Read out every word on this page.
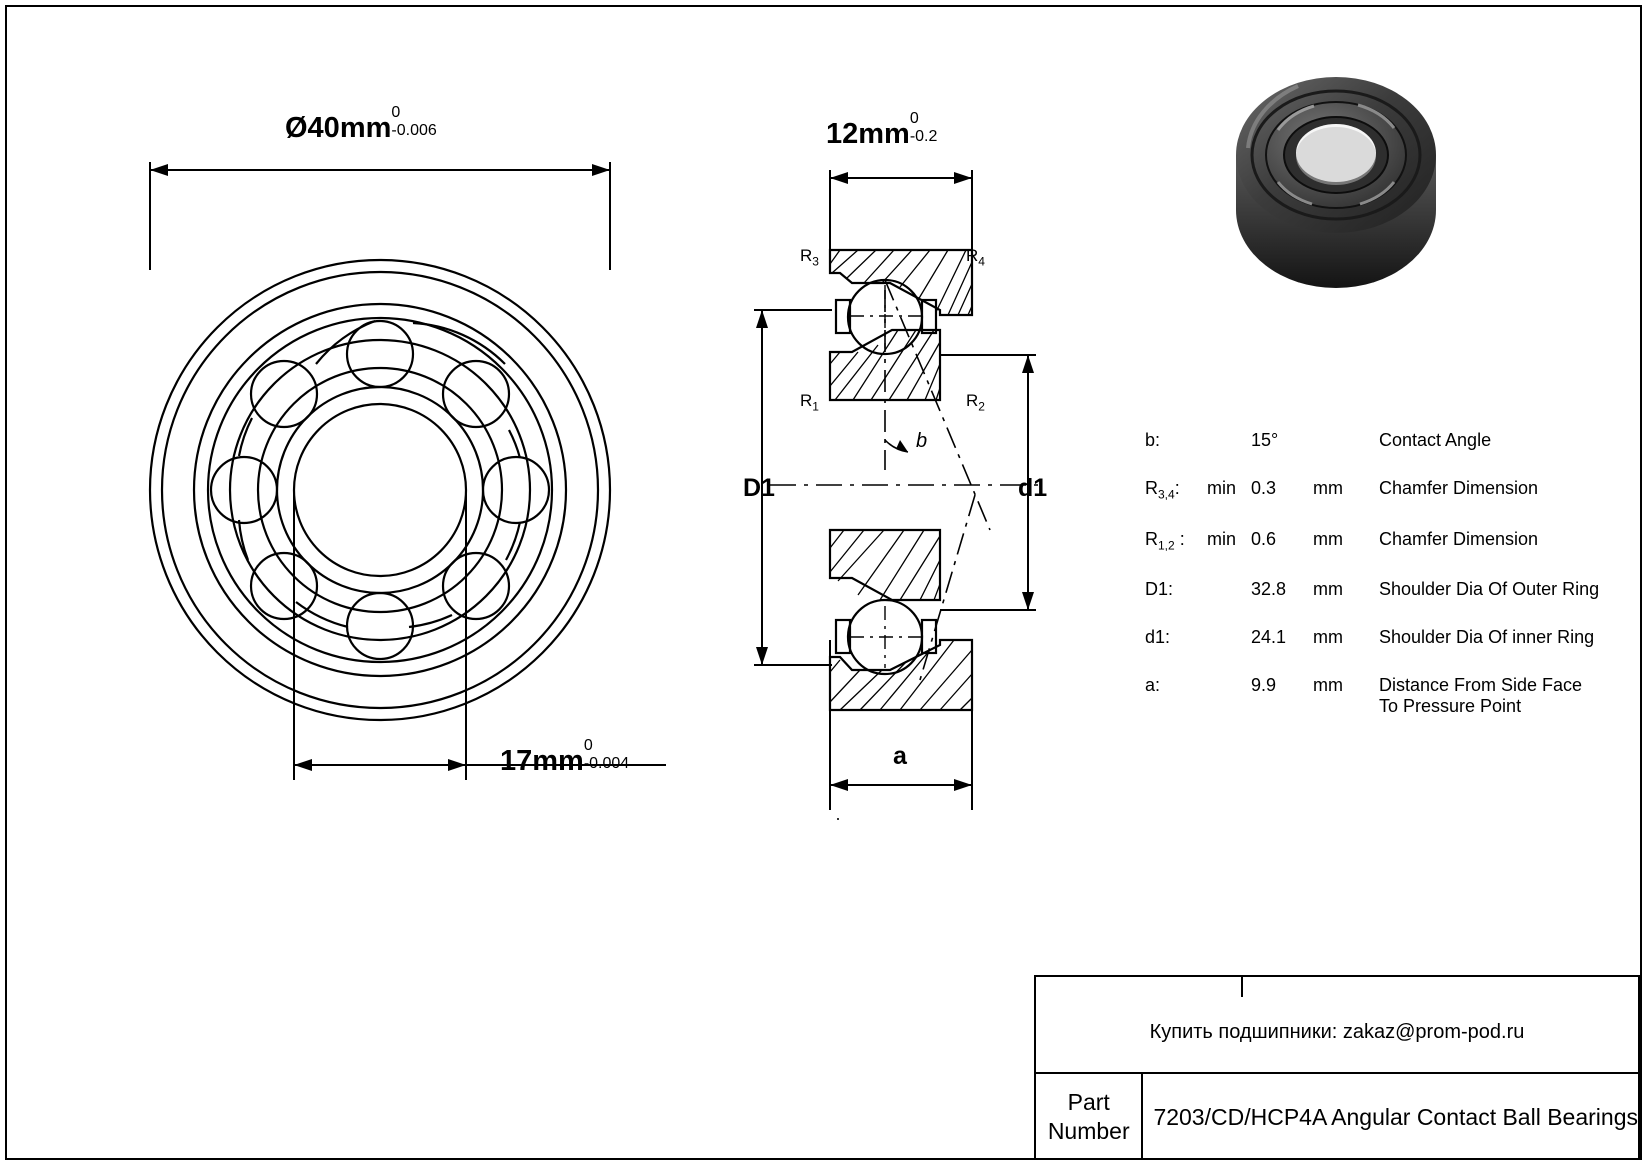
Ø40mm 0
-0.006
17mm 0
-0.004
12mm 0
-0.2
$R_3$	$R_4$
$R_1$	$R_2$
b
D1	d1
a
b:		15°		Contact Angle
$R_{3,4}$:	min	0.3	mm	Chamfer Dimension
$R_{1,2}$ :	min	0.6	mm	Chamfer Dimension
D1:		32.8	mm	Shoulder Dia Of Outer Ring
d1:		24.1	mm	Shoulder Dia Of inner Ring
a:		9.9	mm	Distance From Side Face To Pressure Point
Купить подшипники: zakaz@prom-pod.ru
Part
Number
7203/CD/HCP4A Angular Contact Ball Bearings
